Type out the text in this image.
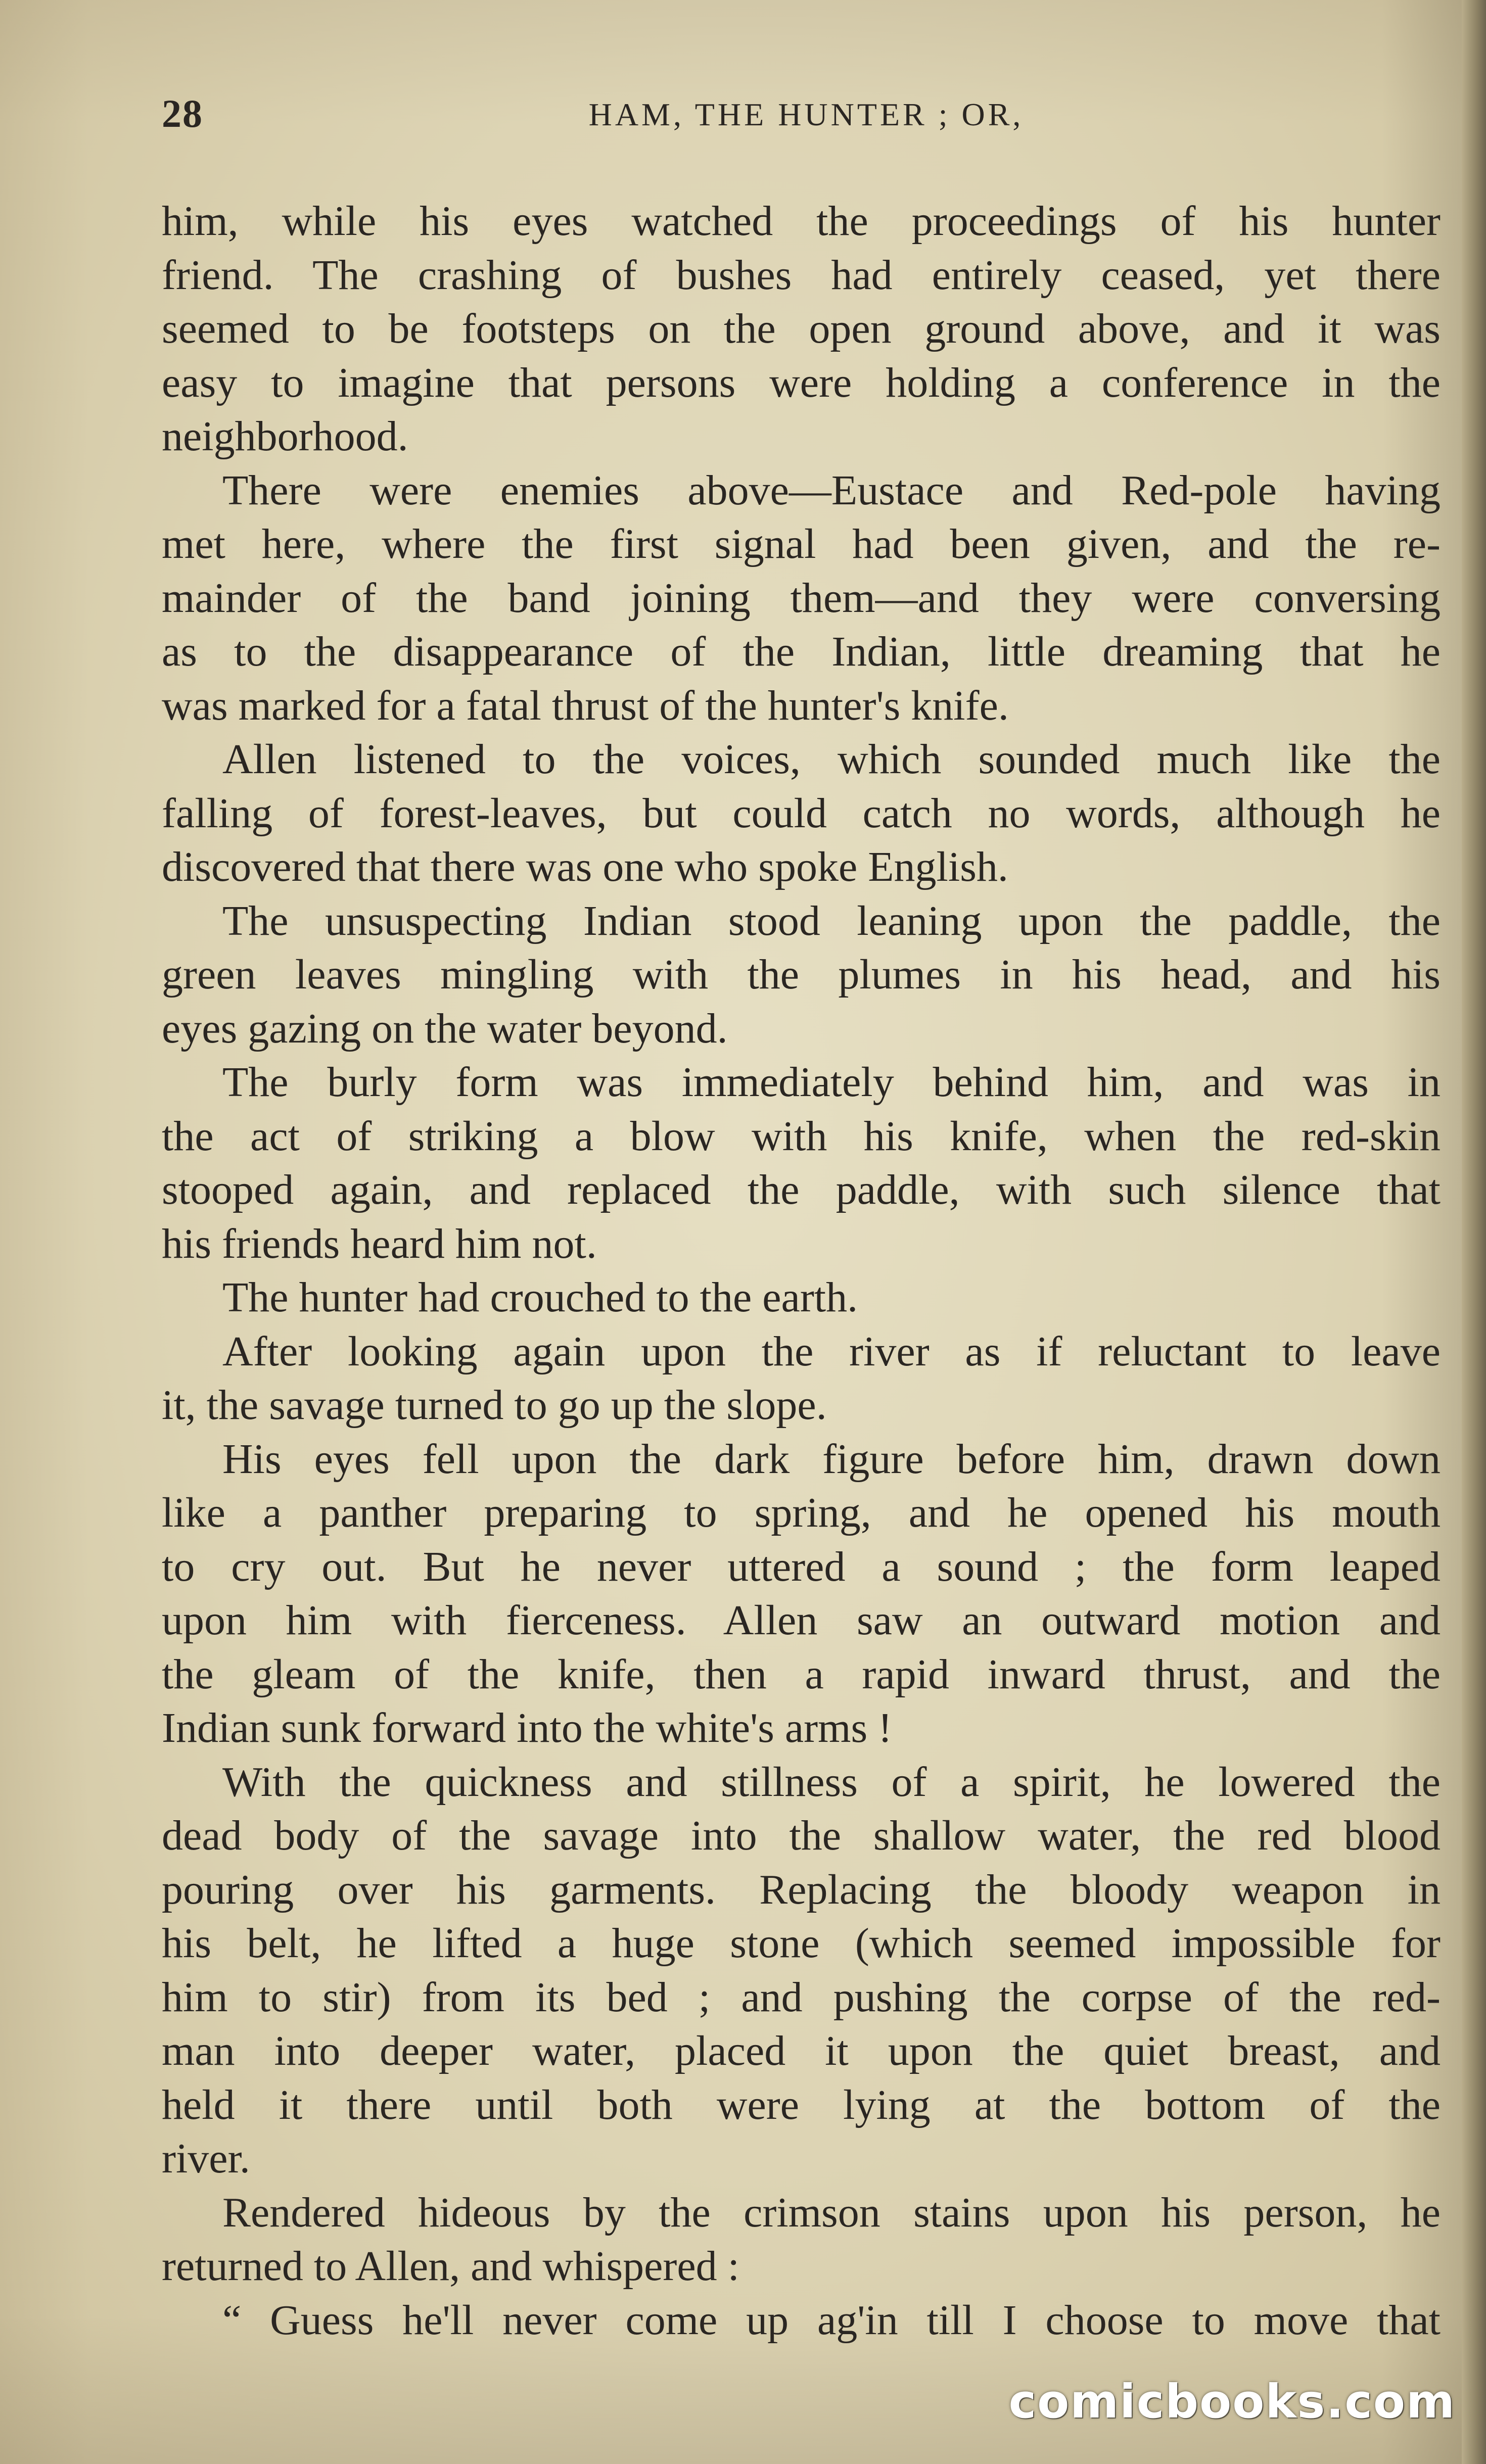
28	HAM, THE HUNTER ; OR,
him, while his eyes watched the proceedings of his hunter
friend. The crashing of bushes had entirely ceased, yet there
seemed to be footsteps on the open ground above, and it was
easy to imagine that persons were holding a conference in the
neighborhood.
There were enemies above—Eustace and Red-pole having
met here, where the first signal had been given, and the re-
mainder of the band joining them—and they were conversing
as to the disappearance of the Indian, little dreaming that he
was marked for a fatal thrust of the hunter's knife.
Allen listened to the voices, which sounded much like the
falling of forest-leaves, but could catch no words, although he
discovered that there was one who spoke English.
The unsuspecting Indian stood leaning upon the paddle, the
green leaves mingling with the plumes in his head, and his
eyes gazing on the water beyond.
The burly form was immediately behind him, and was in
the act of striking a blow with his knife, when the red-skin
stooped again, and replaced the paddle, with such silence that
his friends heard him not.
The hunter had crouched to the earth.
After looking again upon the river as if reluctant to leave
it, the savage turned to go up the slope.
His eyes fell upon the dark figure before him, drawn down
like a panther preparing to spring, and he opened his mouth
to cry out. But he never uttered a sound ; the form leaped
upon him with fierceness. Allen saw an outward motion and
the gleam of the knife, then a rapid inward thrust, and the
Indian sunk forward into the white's arms !
With the quickness and stillness of a spirit, he lowered the
dead body of the savage into the shallow water, the red blood
pouring over his garments. Replacing the bloody weapon in
his belt, he lifted a huge stone (which seemed impossible for
him to stir) from its bed ; and pushing the corpse of the red-
man into deeper water, placed it upon the quiet breast, and
held it there until both were lying at the bottom of the
river.
Rendered hideous by the crimson stains upon his person, he
returned to Allen, and whispered :
“ Guess he'll never come up ag'in till I choose to move that
comicbooks.com
